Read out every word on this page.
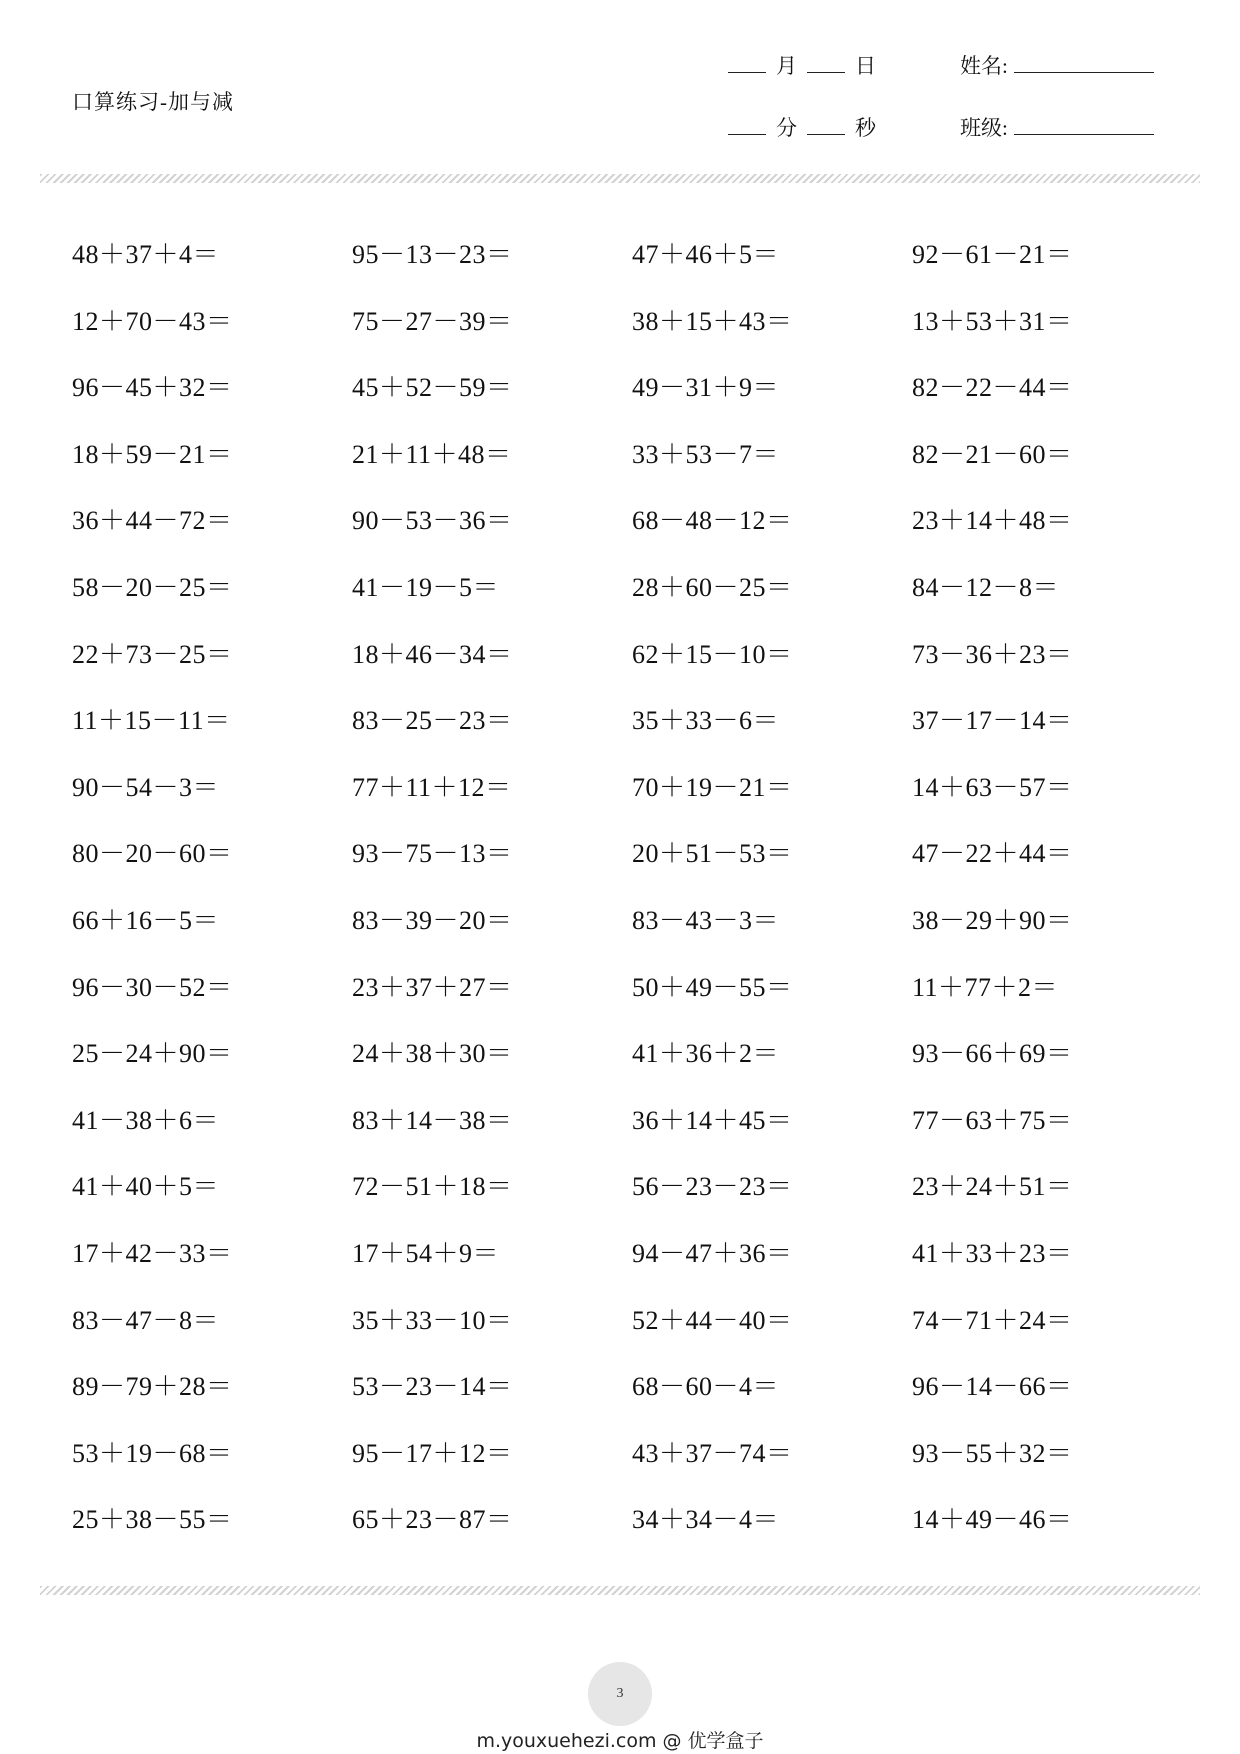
口算练习-加与减
月	日	姓名:
分	秒	班级:
48＋37＋4＝	95－13－23＝	47＋46＋5＝	92－61－21＝
12＋70－43＝	75－27－39＝	38＋15＋43＝	13＋53＋31＝
96－45＋32＝	45＋52－59＝	49－31＋9＝	82－22－44＝
18＋59－21＝	21＋11＋48＝	33＋53－7＝	82－21－60＝
36＋44－72＝	90－53－36＝	68－48－12＝	23＋14＋48＝
58－20－25＝	41－19－5＝	28＋60－25＝	84－12－8＝
22＋73－25＝	18＋46－34＝	62＋15－10＝	73－36＋23＝
11＋15－11＝	83－25－23＝	35＋33－6＝	37－17－14＝
90－54－3＝	77＋11＋12＝	70＋19－21＝	14＋63－57＝
80－20－60＝	93－75－13＝	20＋51－53＝	47－22＋44＝
66＋16－5＝	83－39－20＝	83－43－3＝	38－29＋90＝
96－30－52＝	23＋37＋27＝	50＋49－55＝	11＋77＋2＝
25－24＋90＝	24＋38＋30＝	41＋36＋2＝	93－66＋69＝
41－38＋6＝	83＋14－38＝	36＋14＋45＝	77－63＋75＝
41＋40＋5＝	72－51＋18＝	56－23－23＝	23＋24＋51＝
17＋42－33＝	17＋54＋9＝	94－47＋36＝	41＋33＋23＝
83－47－8＝	35＋33－10＝	52＋44－40＝	74－71＋24＝
89－79＋28＝	53－23－14＝	68－60－4＝	96－14－66＝
53＋19－68＝	95－17＋12＝	43＋37－74＝	93－55＋32＝
25＋38－55＝	65＋23－87＝	34＋34－4＝	14＋49－46＝
3
m.youxuehezi.com @ 优学盒子
